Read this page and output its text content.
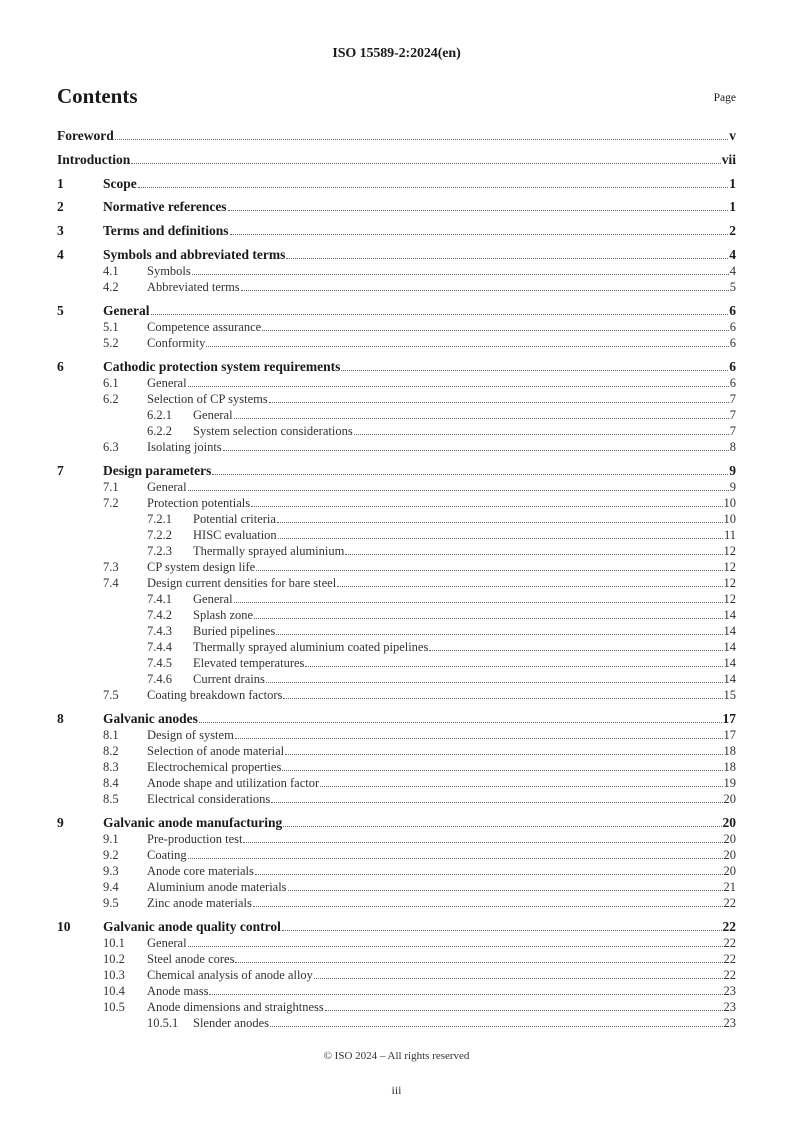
ISO 15589-2:2024(en)
Contents	Page
Foreword	v
Introduction	vii
1	Scope	1
2	Normative references	1
3	Terms and definitions	2
4	Symbols and abbreviated terms	4
4.1	Symbols	4
4.2	Abbreviated terms	5
5	General	6
5.1	Competence assurance	6
5.2	Conformity	6
6	Cathodic protection system requirements	6
6.1	General	6
6.2	Selection of CP systems	7
6.2.1	General	7
6.2.2	System selection considerations	7
6.3	Isolating joints	8
7	Design parameters	9
7.1	General	9
7.2	Protection potentials	10
7.2.1	Potential criteria	10
7.2.2	HISC evaluation	11
7.2.3	Thermally sprayed aluminium	12
7.3	CP system design life	12
7.4	Design current densities for bare steel	12
7.4.1	General	12
7.4.2	Splash zone	14
7.4.3	Buried pipelines	14
7.4.4	Thermally sprayed aluminium coated pipelines	14
7.4.5	Elevated temperatures	14
7.4.6	Current drains	14
7.5	Coating breakdown factors	15
8	Galvanic anodes	17
8.1	Design of system	17
8.2	Selection of anode material	18
8.3	Electrochemical properties	18
8.4	Anode shape and utilization factor	19
8.5	Electrical considerations	20
9	Galvanic anode manufacturing	20
9.1	Pre-production test	20
9.2	Coating	20
9.3	Anode core materials	20
9.4	Aluminium anode materials	21
9.5	Zinc anode materials	22
10	Galvanic anode quality control	22
10.1	General	22
10.2	Steel anode cores	22
10.3	Chemical analysis of anode alloy	22
10.4	Anode mass	23
10.5	Anode dimensions and straightness	23
10.5.1	Slender anodes	23
© ISO 2024 – All rights reserved
iii
